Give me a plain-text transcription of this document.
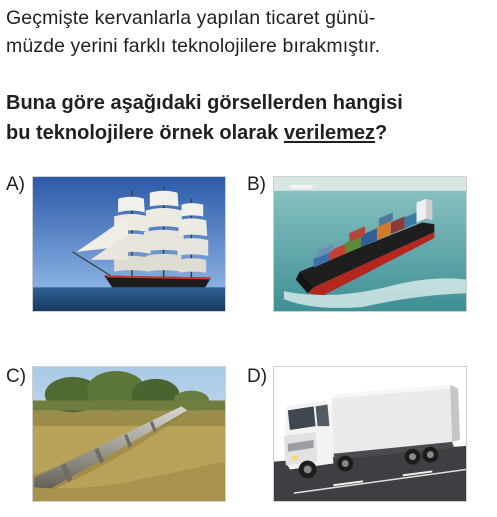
Geçmişte kervanlarla yapılan ticaret günü-
müzde yerini farklı teknolojilere bırakmıştır.
Buna göre aşağıdaki görsellerden hangisi
bu teknolojilere örnek olarak verilemez?
A)	B)
C)	D)
